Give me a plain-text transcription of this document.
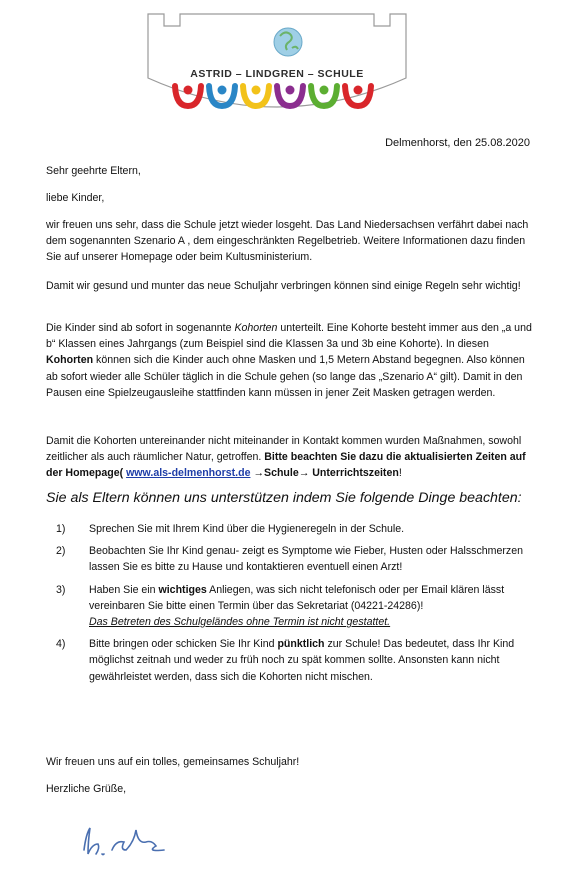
ASTRID – LINDGREN – SCHULE
Delmenhorst, den 25.08.2020
Sehr geehrte Eltern,
liebe Kinder,
wir freuen uns sehr, dass die Schule jetzt wieder losgeht. Das Land Niedersachsen verfährt dabei nach dem sogenannten Szenario A , dem eingeschränkten Regelbetrieb. Weitere Informationen dazu finden Sie auf unserer Homepage oder beim Kultusministerium.
Damit wir gesund und munter das neue Schuljahr verbringen können sind einige Regeln sehr wichtig!
Die Kinder sind ab sofort in sogenannte Kohorten unterteilt. Eine Kohorte besteht immer aus den „a und b“ Klassen eines Jahrgangs (zum Beispiel sind die Klassen 3a und 3b eine Kohorte). In diesen Kohorten können sich die Kinder auch ohne Masken und 1,5 Metern Abstand begegnen. Also können ab sofort wieder alle Schüler täglich in die Schule gehen (so lange das „Szenario A“ gilt). Damit in den Pausen eine Spielzeugausleihe stattfinden kann müssen in jener Zeit Masken getragen werden.
Damit die Kohorten untereinander nicht miteinander in Kontakt kommen wurden Maßnahmen, sowohl zeitlicher als auch räumlicher Natur, getroffen. Bitte beachten Sie dazu die aktualisierten Zeiten auf der Homepage( www.als-delmenhorst.de →Schule→ Unterrichtszeiten!
Sie als Eltern können uns unterstützen indem Sie folgende Dinge beachten:
1) Sprechen Sie mit Ihrem Kind über die Hygieneregeln in der Schule.
2) Beobachten Sie Ihr Kind genau- zeigt es Symptome wie Fieber, Husten oder Halsschmerzen lassen Sie es bitte zu Hause und kontaktieren eventuell einen Arzt!
3) Haben Sie ein wichtiges Anliegen, was sich nicht telefonisch oder per Email klären lässt vereinbaren Sie bitte einen Termin über das Sekretariat (04221-24286)!
Das Betreten des Schulgeländes ohne Termin ist nicht gestattet.
4) Bitte bringen oder schicken Sie Ihr Kind pünktlich zur Schule! Das bedeutet, dass Ihr Kind möglichst zeitnah und weder zu früh noch zu spät kommen sollte. Ansonsten kann nicht gewährleistet werden, dass sich die Kohorten nicht mischen.
Wir freuen uns auf ein tolles, gemeinsames Schuljahr!
Herzliche Grüße,
